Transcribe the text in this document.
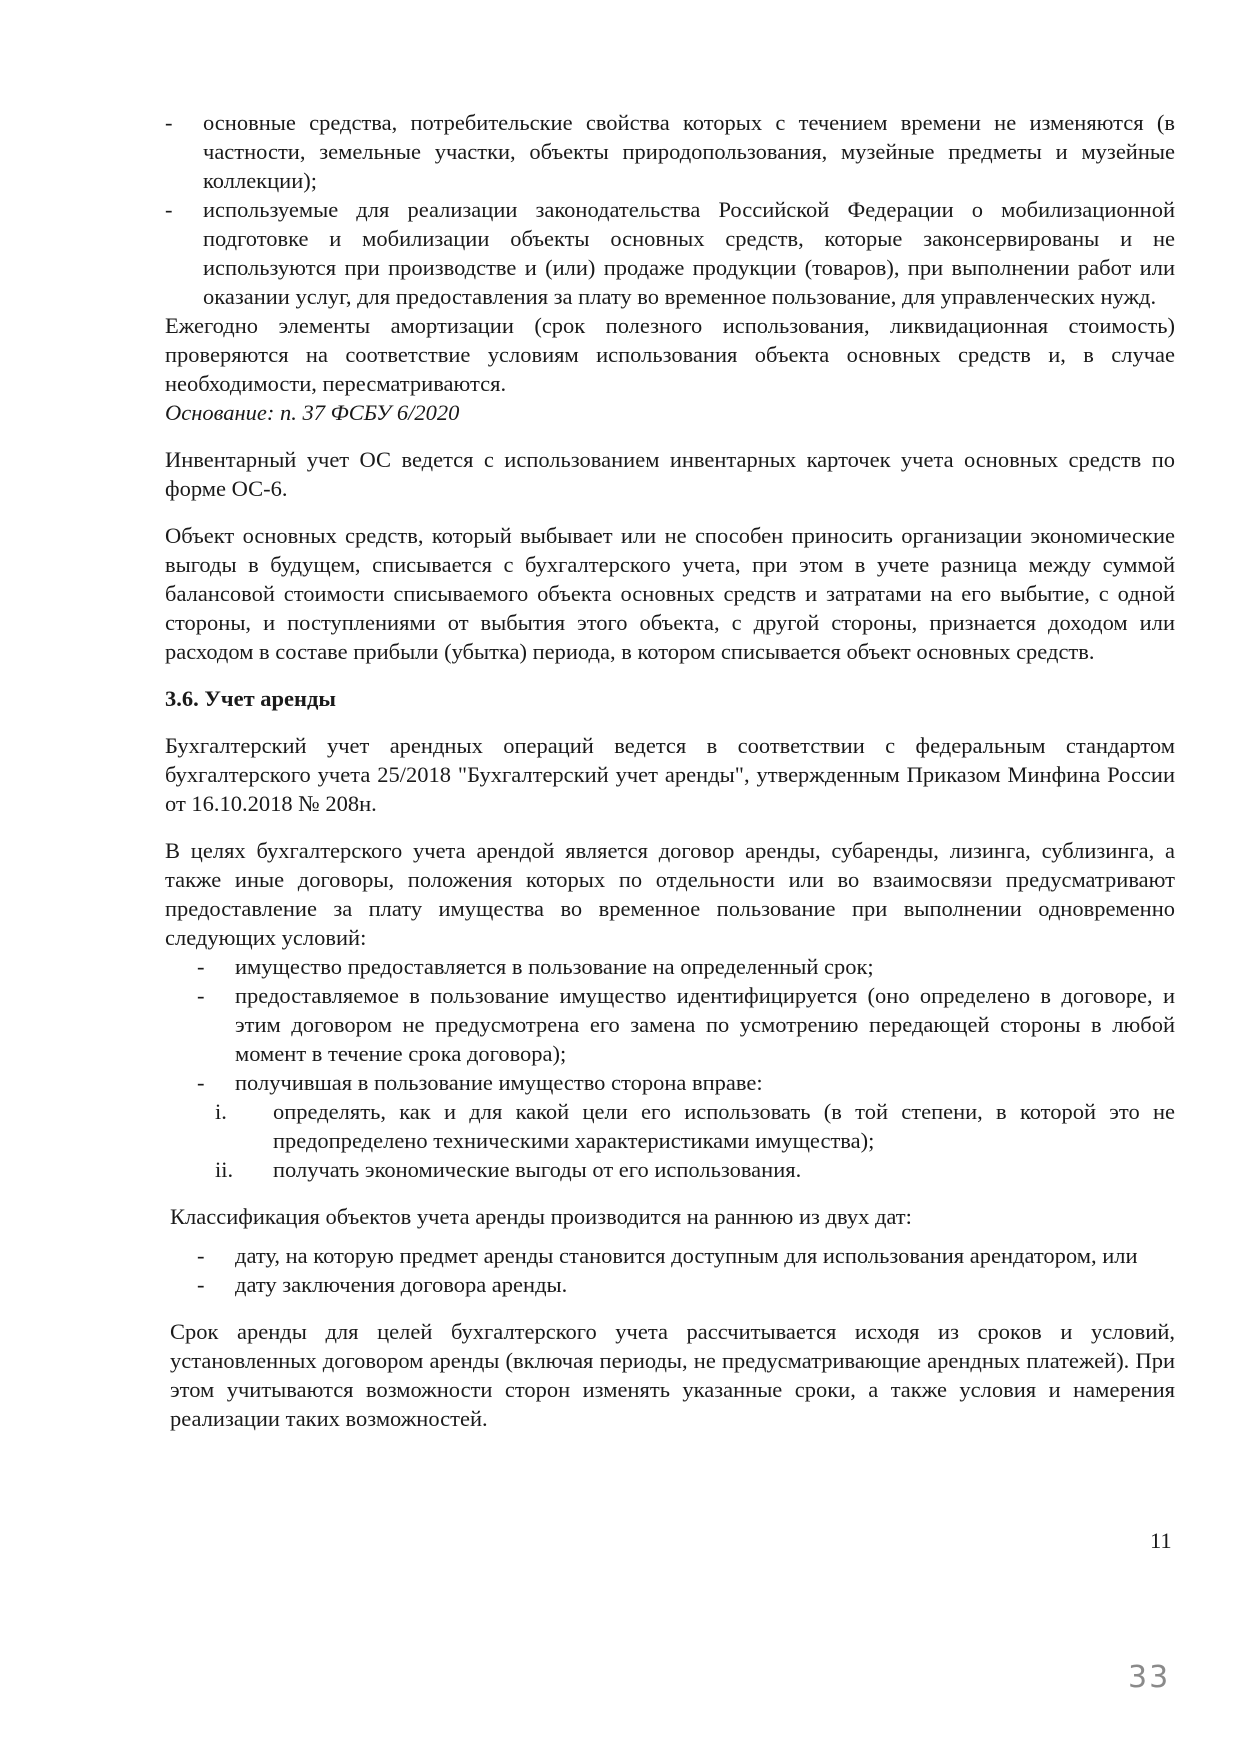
- основные средства, потребительские свойства которых с течением времени не изменяются (в частности, земельные участки, объекты природопользования, музейные предметы и музейные коллекции);
- используемые для реализации законодательства Российской Федерации о мобилизационной подготовке и мобилизации объекты основных средств, которые законсервированы и не используются при производстве и (или) продаже продукции (товаров), при выполнении работ или оказании услуг, для предоставления за плату во временное пользование, для управленческих нужд.

Ежегодно элементы амортизации (срок полезного использования, ликвидационная стоимость) проверяются на соответствие условиям использования объекта основных средств и, в случае необходимости, пересматриваются.

Основание: п. 37 ФСБУ 6/2020

Инвентарный учет ОС ведется с использованием инвентарных карточек учета основных средств по форме ОС-6.

Объект основных средств, который выбывает или не способен приносить организации экономические выгоды в будущем, списывается с бухгалтерского учета, при этом в учете разница между суммой балансовой стоимости списываемого объекта основных средств и затратами на его выбытие, с одной стороны, и поступлениями от выбытия этого объекта, с другой стороны, признается доходом или расходом в составе прибыли (убытка) периода, в котором списывается объект основных средств.

3.6. Учет аренды

Бухгалтерский учет арендных операций ведется в соответствии с федеральным стандартом бухгалтерского учета 25/2018 "Бухгалтерский учет аренды", утвержденным Приказом Минфина России от 16.10.2018 № 208н.

В целях бухгалтерского учета арендой является договор аренды, субаренды, лизинга, сублизинга, а также иные договоры, положения которых по отдельности или во взаимосвязи предусматривают предоставление за плату имущества во временное пользование при выполнении одновременно следующих условий:

- имущество предоставляется в пользование на определенный срок;
- предоставляемое в пользование имущество идентифицируется (оно определено в договоре, и этим договором не предусмотрена его замена по усмотрению передающей стороны в любой момент в течение срока договора);
- получившая в пользование имущество сторона вправе:
i.	определять, как и для какой цели его использовать (в той степени, в которой это не предопределено техническими характеристиками имущества);
ii.	получать экономические выгоды от его использования.

Классификация объектов учета аренды производится на раннюю из двух дат:

- дату, на которую предмет аренды становится доступным для использования арендатором, или
- дату заключения договора аренды.

Срок аренды для целей бухгалтерского учета рассчитывается исходя из сроков и условий, установленных договором аренды (включая периоды, не предусматривающие арендных платежей). При этом учитываются возможности сторон изменять указанные сроки, а также условия и намерения реализации таких возможностей.

11
33
